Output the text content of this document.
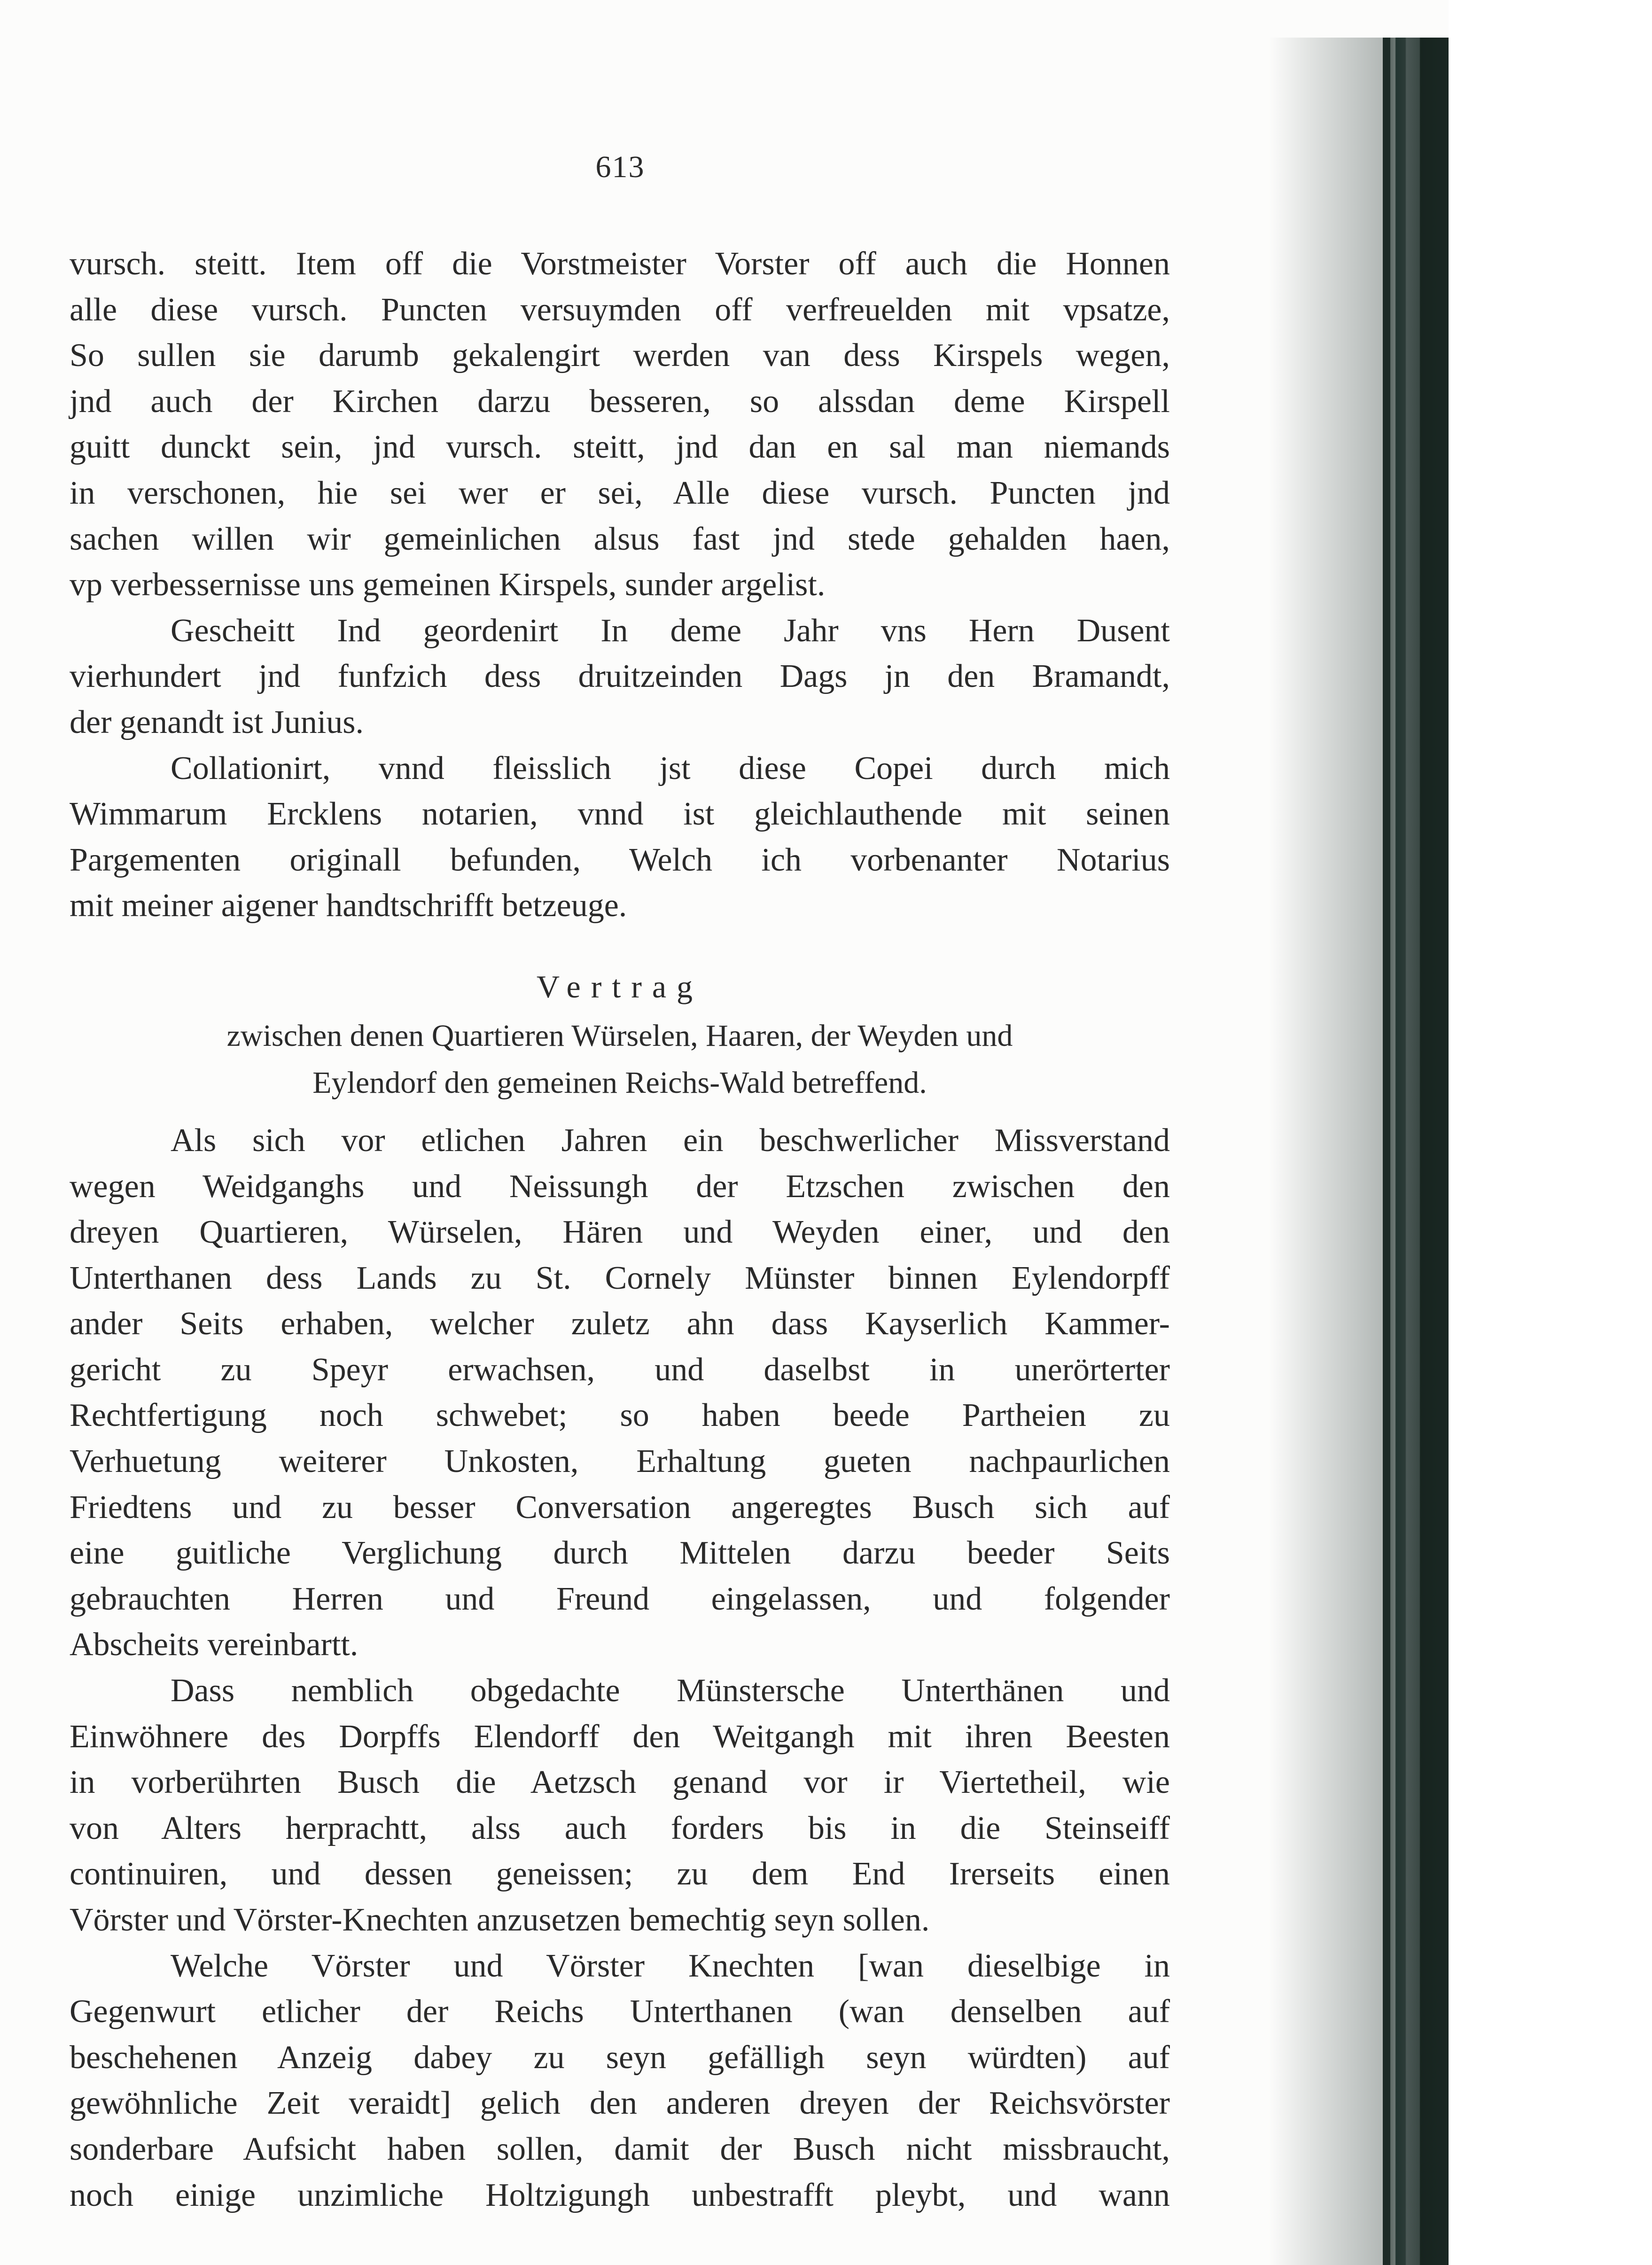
613
vursch. steitt. Item off die Vorstmeister Vorster off auch die Honnen
alle diese vursch. Puncten versuymden off verfreuelden mit vpsatze,
So sullen sie darumb gekalengirt werden van dess Kirspels wegen,
jnd auch der Kirchen darzu besseren, so alssdan deme Kirspell
guitt dunckt sein, jnd vursch. steitt, jnd dan en sal man niemands
in verschonen, hie sei wer er sei, Alle diese vursch. Puncten jnd
sachen willen wir gemeinlichen alsus fast jnd stede gehalden haen,
vp verbessernisse uns gemeinen Kirspels, sunder argelist.
Gescheitt Ind geordenirt In deme Jahr vns Hern Dusent
vierhundert jnd funfzich dess druitzeinden Dags jn den Bramandt,
der genandt ist Junius.
Collationirt, vnnd fleisslich jst diese Copei durch mich
Wimmarum Ercklens notarien, vnnd ist gleichlauthende mit seinen
Pargementen originall befunden, Welch ich vorbenanter Notarius
mit meiner aigener handtschrifft betzeuge.
Vertrag
zwischen denen Quartieren Würselen, Haaren, der Weyden und
Eylendorf den gemeinen Reichs-Wald betreffend.
Als sich vor etlichen Jahren ein beschwerlicher Missverstand
wegen Weidganghs und Neissungh der Etzschen zwischen den
dreyen Quartieren, Würselen, Hären und Weyden einer, und den
Unterthanen dess Lands zu St. Cornely Münster binnen Eylendorpff
ander Seits erhaben, welcher zuletz ahn dass Kayserlich Kammer-
gericht zu Speyr erwachsen, und daselbst in unerörterter
Rechtfertigung noch schwebet; so haben beede Partheien zu
Verhuetung weiterer Unkosten, Erhaltung gueten nachpaurlichen
Friedtens und zu besser Conversation angeregtes Busch sich auf
eine guitliche Verglichung durch Mittelen darzu beeder Seits
gebrauchten Herren und Freund eingelassen, und folgender
Abscheits vereinbartt.
Dass nemblich obgedachte Münstersche Unterthänen und
Einwöhnere des Dorpffs Elendorff den Weitgangh mit ihren Beesten
in vorberührten Busch die Aetzsch genand vor ir Viertetheil, wie
von Alters herprachtt, alss auch forders bis in die Steinseiff
continuiren, und dessen geneissen; zu dem End Irerseits einen
Vörster und Vörster-Knechten anzusetzen bemechtig seyn sollen.
Welche Vörster und Vörster Knechten [wan dieselbige in
Gegenwurt etlicher der Reichs Unterthanen (wan denselben auf
beschehenen Anzeig dabey zu seyn gefälligh seyn würdten) auf
gewöhnliche Zeit veraidt] gelich den anderen dreyen der Reichsvörster
sonderbare Aufsicht haben sollen, damit der Busch nicht missbraucht,
noch einige unzimliche Holtzigungh unbestrafft pleybt, und wann
